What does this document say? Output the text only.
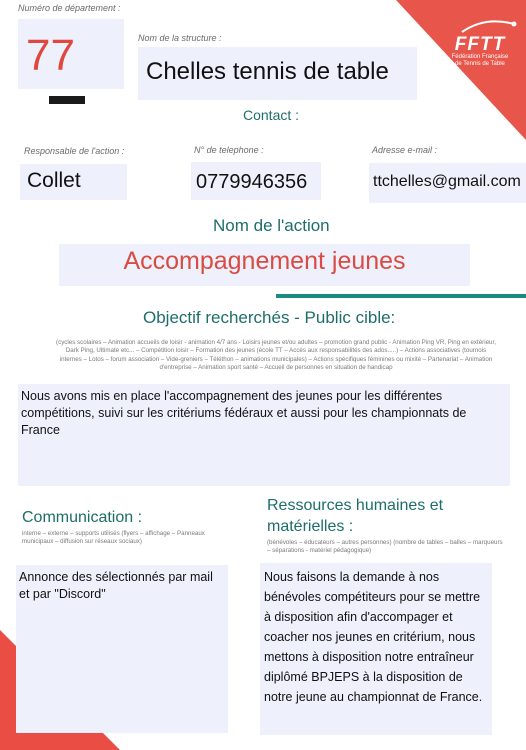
FFTT
Fédération Française
de Tennis de Table
Numéro de département :
77	Nom de la structure :
Chelles tennis de table
Contact :
Responsable de l'action :
Collet
N° de telephone :
0779946356
Adresse e-mail :
ttchelles@gmail.com
Nom de l'action
Accompagnement jeunes
Objectif recherchés - Public cible:
(cycles scolaires – Animation accueils de loisir - animation 4/7 ans - Loisirs jeunes et/ou adultes – promotion grand public - Animation Ping VR, Ping en extérieur, Dark Ping, Ultimate etc... – Compétition loisir – Formation des jeunes (école TT – Accès aux responsabilités des ados.....) – Actions associatives (tournois internes – Lotos – forum association – Vide-greniers – Téléthon – animations municipales) – Actions spécifiques féminines ou mixité – Partenariat – Animation d'entreprise – Animation sport santé – Accueil de personnes en situation de handicap
Nous avons mis en place l'accompagnement des jeunes pour les différentes compétitions, suivi sur les critériums fédéraux et aussi pour les championnats de France
Communication :
interne – externe – supports utilisés (flyers – affichage – Panneaux municipaux – diffusion sur réseaux sociaux)
Annonce des sélectionnés par mail et par "Discord"
Ressources humaines et matérielles :
(bénévoles – éducateurs – autres personnes) (nombre de tables – balles – marqueurs – séparations - matériel pédagogique)
Nous faisons la demande à nos bénévoles compétiteurs pour se mettre à disposition afin d'accompager et coacher nos jeunes en critérium, nous mettons à disposition notre entraîneur diplômé BPJEPS à la disposition de notre jeune au championnat de France.
